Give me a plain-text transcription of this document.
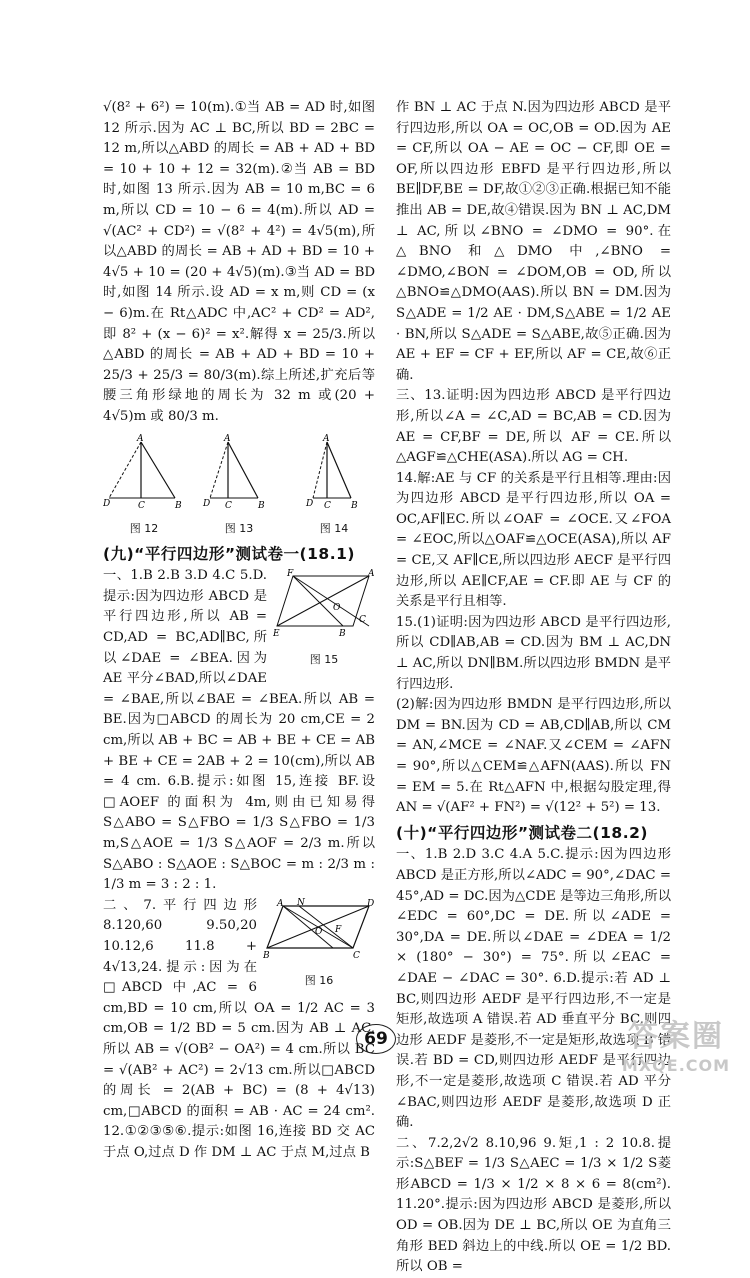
√(8² + 6²) = 10(m).①当 AB = AD 时,如图 12 所示.因为 AC ⊥ BC,所以 BD = 2BC = 12 m,所以△ABD 的周长 = AB + AD + BD = 10 + 10 + 12 = 32(m).②当 AB = BD 时,如图 13 所示.因为 AB = 10 m,BC = 6 m,所以 CD = 10 − 6 = 4(m).所以 AD = √(AC² + CD²) = √(8² + 4²) = 4√5(m),所以△ABD 的周长 = AB + AD + BD = 10 + 4√5 + 10 = (20 + 4√5)(m).③当 AD = BD 时,如图 14 所示.设 AD = x m,则 CD = (x − 6)m.在 Rt△ADC 中,AC² + CD² = AD²,即 8² + (x − 6)² = x².解得 x = 25/3.所以△ABD 的周长 = AB + AD + BD = 10 + 25/3 + 25/3 = 80/3(m).综上所述,扩充后等腰三角形绿地的周长为 32 m 或(20 + 4√5)m 或 80/3 m.

A
D	C	B
图 12
A
D C	B
图 13
A
D C B
图 14
(九)“平行四边形”测试卷一(18.1)
F	A
E	B
C
O
图 15

一、1.B 2.B 3.D 4.C 5.D.提示:因为四边形 ABCD 是平行四边形,所以 AB = CD,AD = BC,AD∥BC,所以∠DAE = ∠BEA.因为 AE 平分∠BAD,所以∠DAE = ∠BAE,所以∠BAE = ∠BEA.所以 AB = BE.因为□ABCD 的周长为 20 cm,CE = 2 cm,所以 AB + BC = AB + BE + CE = AB + BE + CE = 2AB + 2 = 10(cm),所以 AB = 4 cm. 6.B.提示:如图 15,连接 BF.设□AOEF 的面积为 4m,则由已知易得 S△ABO = S△FBO = 1/3 S△FBO = 1/3 m,S△AOE = 1/3 S△AOF = 2/3 m.所以 S△ABO : S△AOE : S△BOC = m : 2/3 m : 1/3 m = 3 : 2 : 1.

A N	D
B	C
O F
图 16

二、7.平行四边形 8.120,60 9.50,20 10.12,6 11.8 + 4√13,24.提示:因为在□ABCD 中,AC = 6 cm,BD = 10 cm,所以 OA = 1/2 AC = 3 cm,OB = 1/2 BD = 5 cm.因为 AB ⊥ AC,所以 AB = √(OB² − OA²) = 4 cm.所以 BC = √(AB² + AC²) = 2√13 cm.所以□ABCD 的周长 = 2(AB + BC) = (8 + 4√13) cm,□ABCD 的面积 = AB · AC = 24 cm². 12.①②③⑤⑥.提示:如图 16,连接 BD 交 AC 于点 O,过点 D 作 DM ⊥ AC 于点 M,过点 B

作 BN ⊥ AC 于点 N.因为四边形 ABCD 是平行四边形,所以 OA = OC,OB = OD.因为 AE = CF,所以 OA − AE = OC − CF,即 OE = OF,所以四边形 EBFD 是平行四边形,所以 BE∥DF,BE = DF,故①②③正确.根据已知不能推出 AB = DE,故④错误.因为 BN ⊥ AC,DM ⊥ AC,所以∠BNO = ∠DMO = 90°.在△BNO 和△DMO 中,∠BNO = ∠DMO,∠BON = ∠DOM,OB = OD,所以△BNO≌△DMO(AAS).所以 BN = DM.因为 S△ADE = 1/2 AE · DM,S△ABE = 1/2 AE · BN,所以 S△ADE = S△ABE,故⑤正确.因为 AE + EF = CF + EF,所以 AF = CE,故⑥正确.

三、13.证明:因为四边形 ABCD 是平行四边形,所以∠A = ∠C,AD = BC,AB = CD.因为 AE = CF,BF = DE,所以 AF = CE.所以△AGF≌△CHE(ASA).所以 AG = CH.

14.解:AE 与 CF 的关系是平行且相等.理由:因为四边形 ABCD 是平行四边形,所以 OA = OC,AF∥EC.所以∠OAF = ∠OCE.又∠FOA = ∠EOC,所以△OAF≌△OCE(ASA),所以 AF = CE,又 AF∥CE,所以四边形 AECF 是平行四边形,所以 AE∥CF,AE = CF.即 AE 与 CF 的关系是平行且相等.

15.(1)证明:因为四边形 ABCD 是平行四边形,所以 CD∥AB,AB = CD.因为 BM ⊥ AC,DN ⊥ AC,所以 DN∥BM.所以四边形 BMDN 是平行四边形.

(2)解:因为四边形 BMDN 是平行四边形,所以 DM = BN.因为 CD = AB,CD∥AB,所以 CM = AN,∠MCE = ∠NAF.又∠CEM = ∠AFN = 90°,所以△CEM≌△AFN(AAS).所以 FN = EM = 5.在 Rt△AFN 中,根据勾股定理,得 AN = √(AF² + FN²) = √(12² + 5²) = 13.

(十)“平行四边形”测试卷二(18.2)

一、1.B 2.D 3.C 4.A 5.C.提示:因为四边形 ABCD 是正方形,所以∠ADC = 90°,∠DAC = 45°,AD = DC.因为△CDE 是等边三角形,所以∠EDC = 60°,DC = DE.所以∠ADE = 30°,DA = DE.所以∠DAE = ∠DEA = 1/2 × (180° − 30°) = 75°.所以∠EAC = ∠DAE − ∠DAC = 30°. 6.D.提示:若 AD ⊥ BC,则四边形 AEDF 是平行四边形,不一定是矩形,故选项 A 错误.若 AD 垂直平分 BC,则四边形 AEDF 是菱形,不一定是矩形,故选项 B 错误.若 BD = CD,则四边形 AEDF 是平行四边形,不一定是菱形,故选项 C 错误.若 AD 平分∠BAC,则四边形 AEDF 是菱形,故选项 D 正确.

二、7.2,2√2 8.10,96 9.矩,1 : 2 10.8.提示:S△BEF = 1/3 S△AEC = 1/3 × 1/2 S菱形ABCD = 1/3 × 1/2 × 8 × 6 = 8(cm²). 11.20°.提示:因为四边形 ABCD 是菱形,所以 OD = OB.因为 DE ⊥ BC,所以 OE 为直角三角形 BED 斜边上的中线.所以 OE = 1/2 BD.所以 OB =

69	答案圈
MXQE.COM
